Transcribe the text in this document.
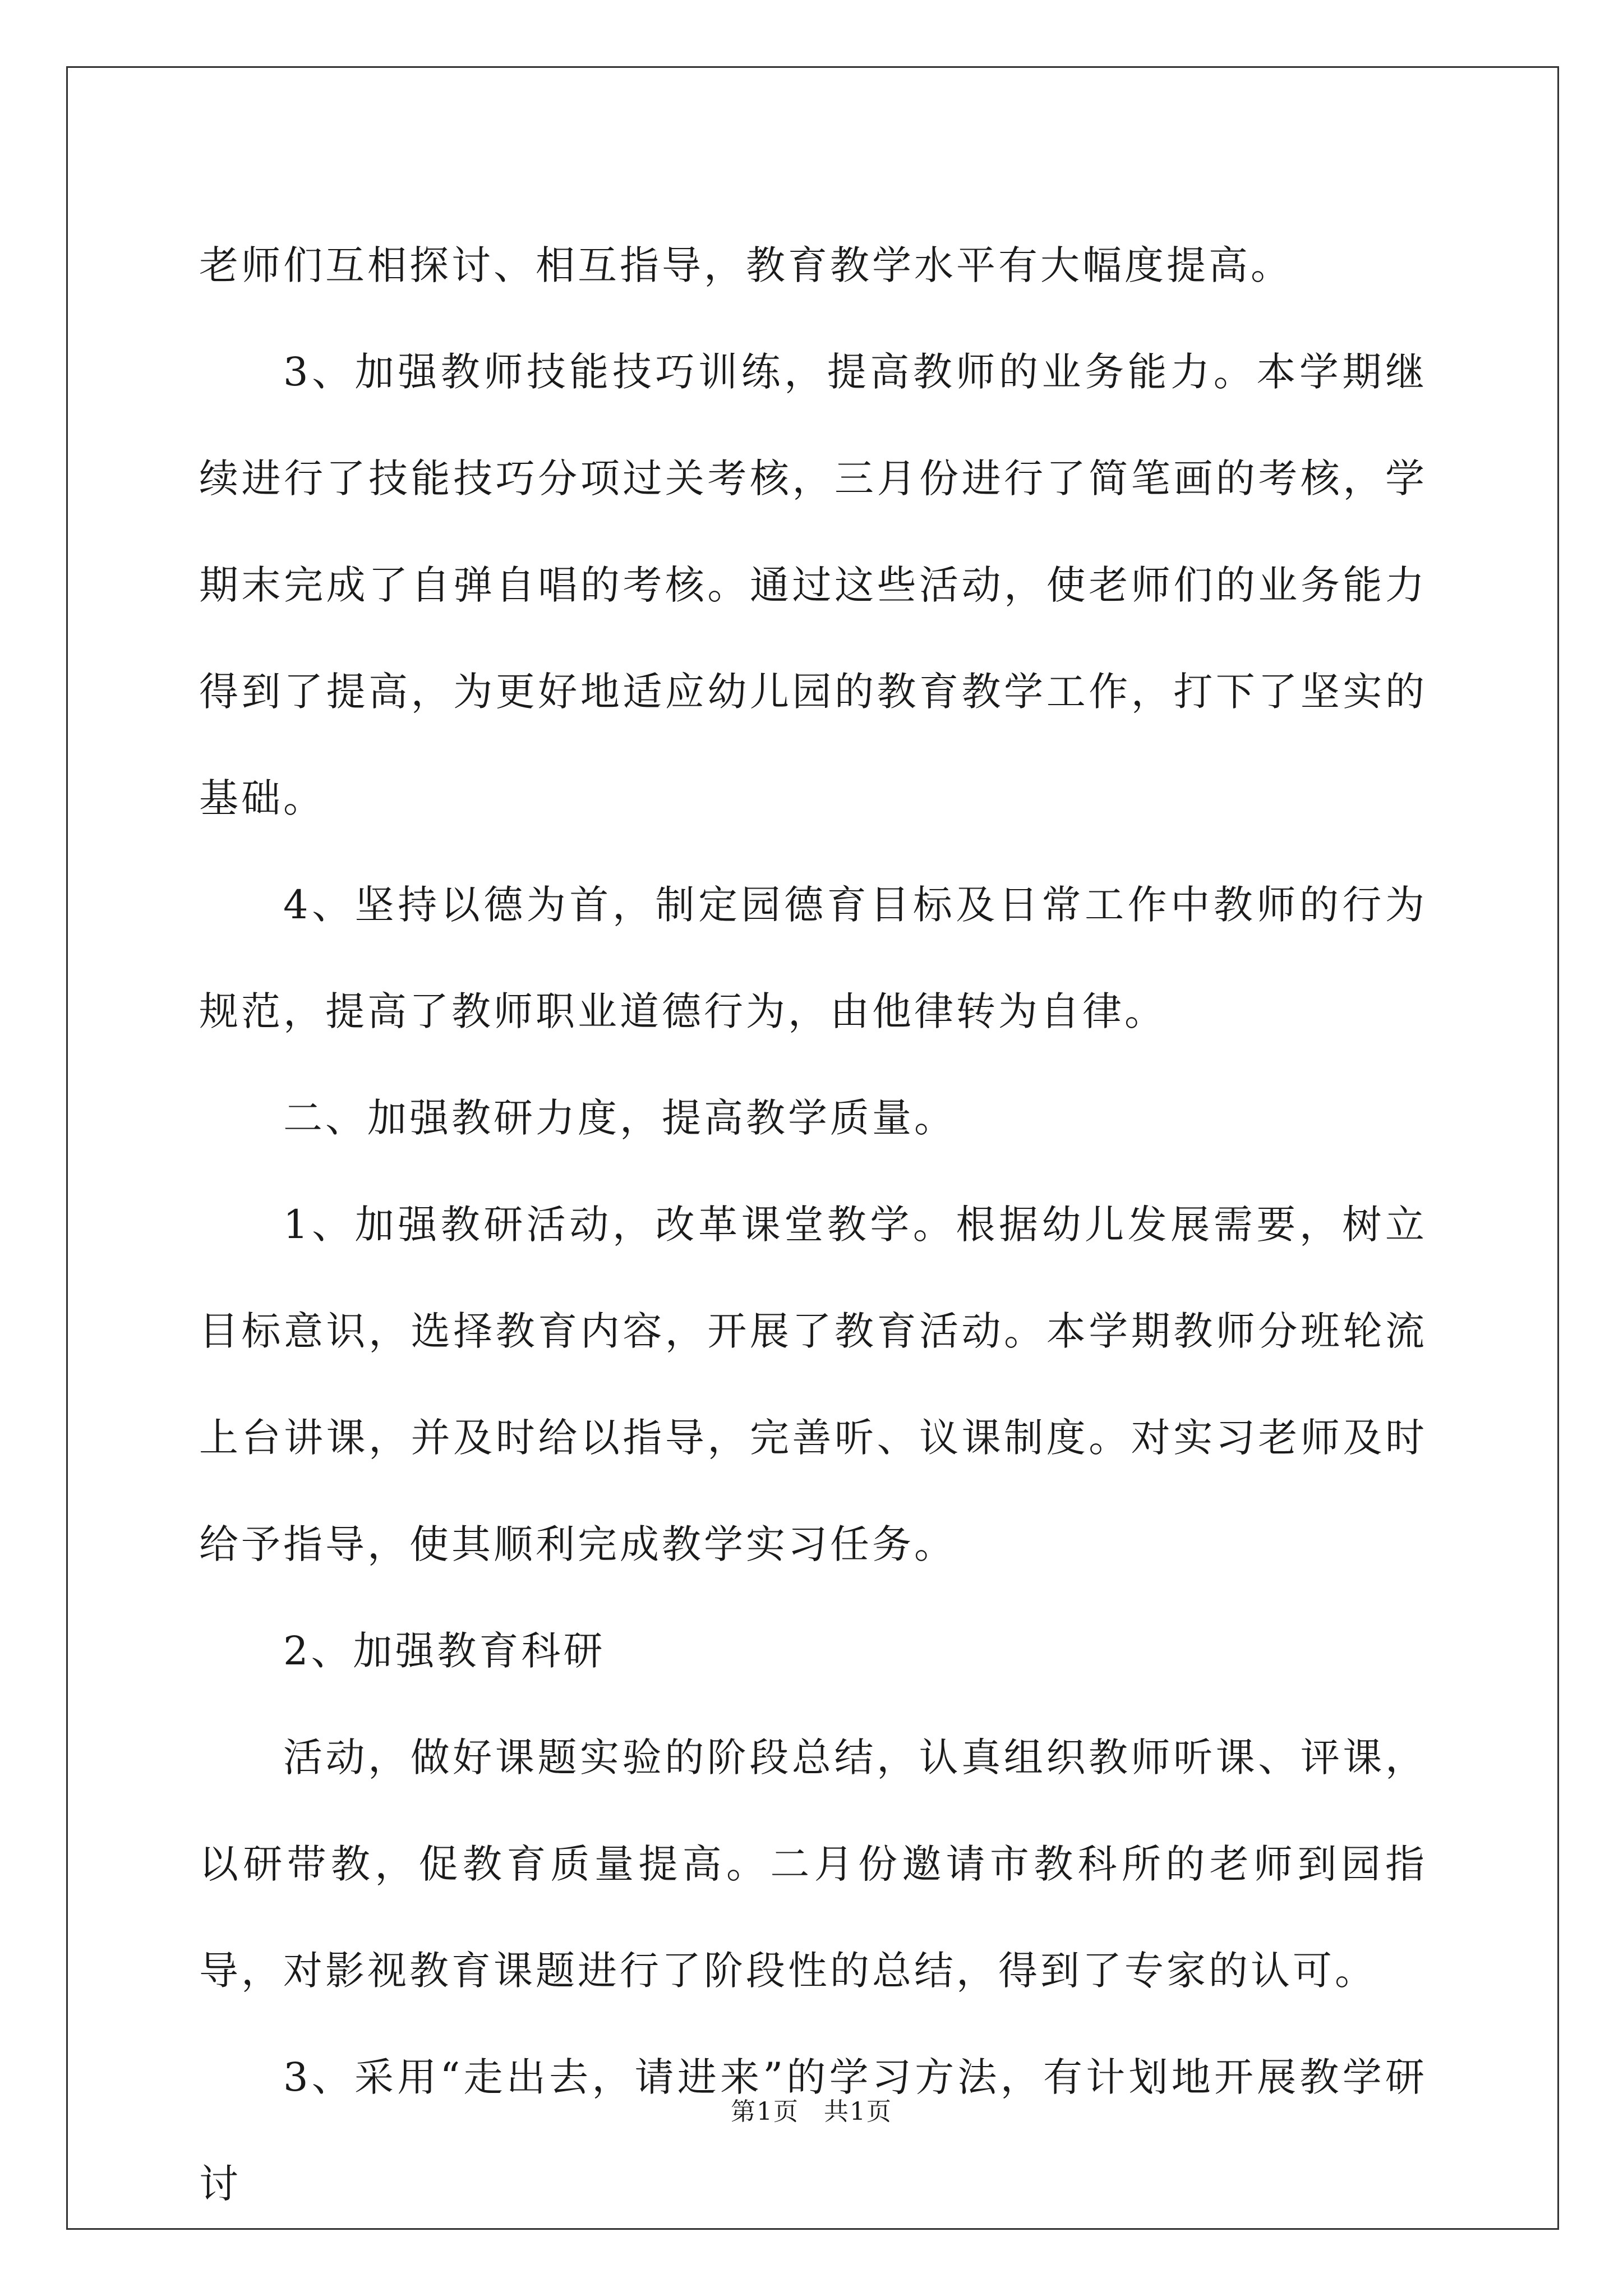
老师们互相探讨、相互指导，教育教学水平有大幅度提高。

3、加强教师技能技巧训练，提高教师的业务能力。本学期继续进行了技能技巧分项过关考核，三月份进行了简笔画的考核，学期末完成了自弹自唱的考核。通过这些活动，使老师们的业务能力得到了提高，为更好地适应幼儿园的教育教学工作，打下了坚实的基础。

4、坚持以德为首，制定园德育目标及日常工作中教师的行为规范，提高了教师职业道德行为，由他律转为自律。

二、加强教研力度，提高教学质量。

1、加强教研活动，改革课堂教学。根据幼儿发展需要，树立目标意识，选择教育内容，开展了教育活动。本学期教师分班轮流上台讲课，并及时给以指导，完善听、议课制度。对实习老师及时给予指导，使其顺利完成教学实习任务。

2、加强教育科研

活动，做好课题实验的阶段总结，认真组织教师听课、评课，以研带教，促教育质量提高。二月份邀请市教科所的老师到园指导，对影视教育课题进行了阶段性的总结，得到了专家的认可。

3、采用“走出去，请进来”的学习方法，有计划地开展教学研讨

第1页 共1页
